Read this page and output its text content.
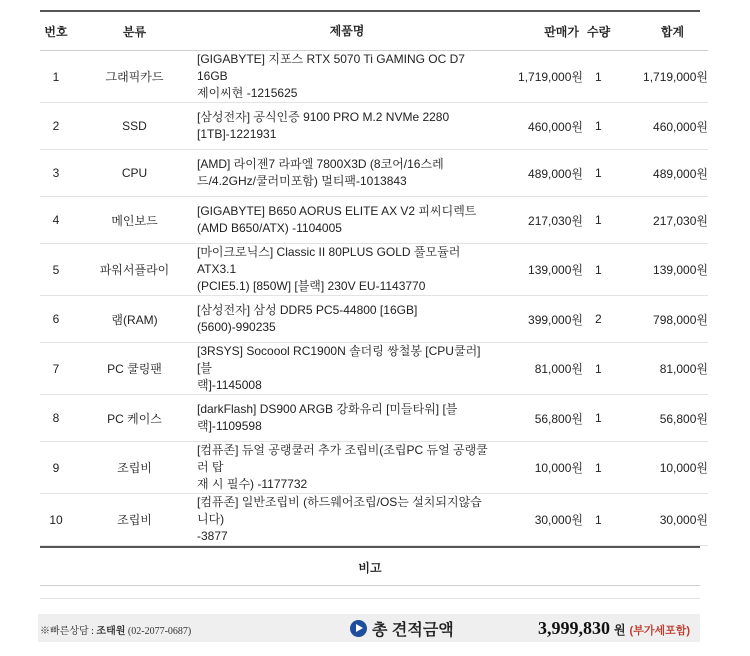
번호	분류	제품명	판매가	수량	합계
1	그래픽카드	[GIGABYTE] 지포스 RTX 5070 Ti GAMING OC D7 16GB
제이씨현 -1215625	1,719,000원	1	1,719,000원
2	SSD	[삼성전자] 공식인증 9100 PRO M.2 NVMe 2280
[1TB]-1221931	460,000원	1	460,000원
3	CPU	[AMD] 라이젠7 라파엘 7800X3D (8코어/16스레
드/4.2GHz/쿨러미포함) 멀티팩-1013843	489,000원	1	489,000원
4	메인보드	[GIGABYTE] B650 AORUS ELITE AX V2 피씨디렉트
(AMD B650/ATX) -1104005	217,030원	1	217,030원
5	파워서플라이	[마이크로닉스] Classic II 80PLUS GOLD 풀모듈러 ATX3.1
(PCIE5.1) [850W] [블랙] 230V EU-1143770	139,000원	1	139,000원
6	램(RAM)	[삼성전자] 삼성 DDR5 PC5-44800 [16GB]
(5600)-990235	399,000원	2	798,000원
7	PC 쿨링팬	[3RSYS] Socoool RC1900N 솔더링 쌍철봉 [CPU쿨러] [블
랙]-1145008	81,000원	1	81,000원
8	PC 케이스	[darkFlash] DS900 ARGB 강화유리 [미들타워] [블
랙]-1109598	56,800원	1	56,800원
9	조립비	[컴퓨존] 듀얼 공랭쿨러 추가 조립비(조립PC 듀얼 공랭쿨러 탑
재 시 필수) -1177732	10,000원	1	10,000원
10	조립비	[컴퓨존] 일반조립비 (하드웨어조립/OS는 설치되지않습니다)
-3877	30,000원	1	30,000원
비고
※빠른상담 : 조태원 (02-2077-0687)	총 견적금액	3,999,830 원 (부가세포함)
